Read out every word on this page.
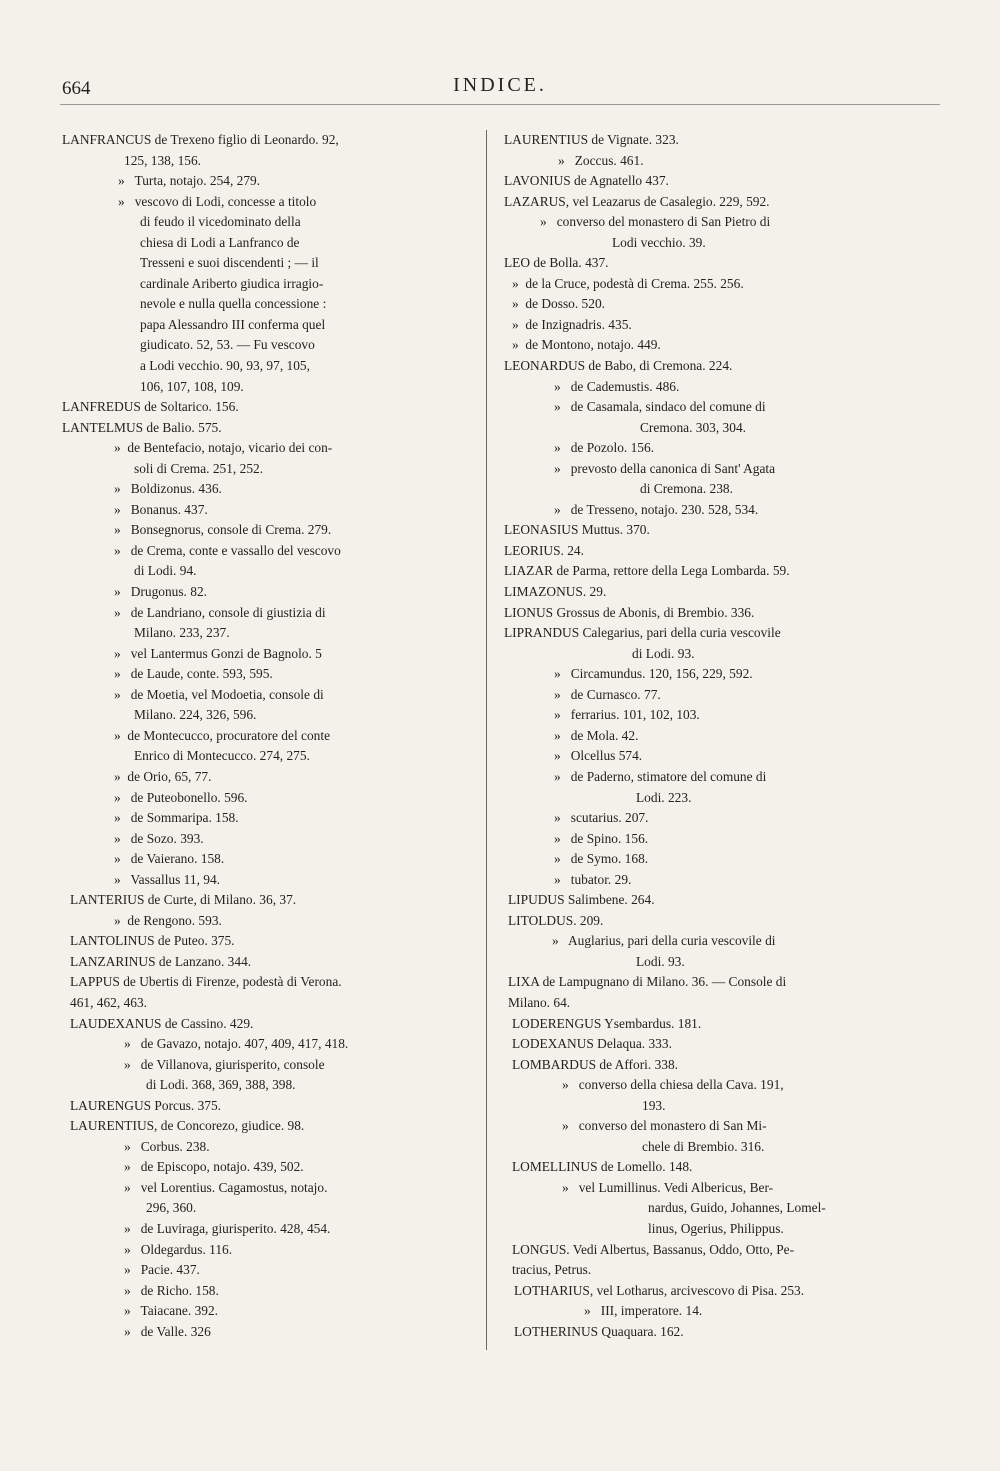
664	INDICE.
LANFRANCUS de Trexeno figlio di Leonardo. 92,
125, 138, 156.
»   Turta, notajo. 254, 279.
»   vescovo di Lodi, concesse a titolo
di feudo il vicedominato della
chiesa di Lodi a Lanfranco de
Tresseni e suoi discendenti ; — il
cardinale Ariberto giudica irragio-
nevole e nulla quella concessione :
papa Alessandro III conferma quel
giudicato. 52, 53. — Fu vescovo
a Lodi vecchio. 90, 93, 97, 105,
106, 107, 108, 109.
LANFREDUS de Soltarico. 156.
LANTELMUS de Balio. 575.
»  de Bentefacio, notajo, vicario dei con-
soli di Crema. 251, 252.
»   Boldizonus. 436.
»   Bonanus. 437.
»   Bonsegnorus, console di Crema. 279.
»   de Crema, conte e vassallo del vescovo
di Lodi. 94.
»   Drugonus. 82.
»   de Landriano, console di giustizia di
Milano. 233, 237.
»   vel Lantermus Gonzi de Bagnolo. 5
»   de Laude, conte. 593, 595.
»   de Moetia, vel Modoetia, console di
Milano. 224, 326, 596.
»  de Montecucco, procuratore del conte
Enrico di Montecucco. 274, 275.
»  de Orio, 65, 77.
»   de Puteobonello. 596.
»   de Sommaripa. 158.
»   de Sozo. 393.
»   de Vaierano. 158.
»   Vassallus 11, 94.
LANTERIUS de Curte, di Milano. 36, 37.
»  de Rengono. 593.
LANTOLINUS de Puteo. 375.
LANZARINUS de Lanzano. 344.
LAPPUS de Ubertis di Firenze, podestà di Verona.
461, 462, 463.
LAUDEXANUS de Cassino. 429.
»   de Gavazo, notajo. 407, 409, 417, 418.
»   de Villanova, giurisperito, console
di Lodi. 368, 369, 388, 398.
LAURENGUS Porcus. 375.
LAURENTIUS, de Concorezo, giudice. 98.
»   Corbus. 238.
»   de Episcopo, notajo. 439, 502.
»   vel Lorentius. Cagamostus, notajo.
296, 360.
»   de Luviraga, giurisperito. 428, 454.
»   Oldegardus. 116.
»   Pacie. 437.
»   de Richo. 158.
»   Taiacane. 392.
»   de Valle. 326
LAURENTIUS de Vignate. 323.
»   Zoccus. 461.
LAVONIUS de Agnatello 437.
LAZARUS, vel Leazarus de Casalegio. 229, 592.
»   converso del monastero di San Pietro di
Lodi vecchio. 39.
LEO de Bolla. 437.
»  de la Cruce, podestà di Crema. 255. 256.
»  de Dosso. 520.
»  de Inzignadris. 435.
»  de Montono, notajo. 449.
LEONARDUS de Babo, di Cremona. 224.
»   de Cademustis. 486.
»   de Casamala, sindaco del comune di
Cremona. 303, 304.
»   de Pozolo. 156.
»   prevosto della canonica di Sant' Agata
di Cremona. 238.
»   de Tresseno, notajo. 230. 528, 534.
LEONASIUS Muttus. 370.
LEORIUS. 24.
LIAZAR de Parma, rettore della Lega Lombarda. 59.
LIMAZONUS. 29.
LIONUS Grossus de Abonis, di Brembio. 336.
LIPRANDUS Calegarius, pari della curia vescovile
di Lodi. 93.
»   Circamundus. 120, 156, 229, 592.
»   de Curnasco. 77.
»   ferrarius. 101, 102, 103.
»   de Mola. 42.
»   Olcellus 574.
»   de Paderno, stimatore del comune di
Lodi. 223.
»   scutarius. 207.
»   de Spino. 156.
»   de Symo. 168.
»   tubator. 29.
LIPUDUS Salimbene. 264.
LITOLDUS. 209.
»   Auglarius, pari della curia vescovile di
Lodi. 93.
LIXA de Lampugnano di Milano. 36. — Console di
Milano. 64.
LODERENGUS Ysembardus. 181.
LODEXANUS Delaqua. 333.
LOMBARDUS de Affori. 338.
»   converso della chiesa della Cava. 191,
193.
»   converso del monastero di San Mi-
chele di Brembio. 316.
LOMELLINUS de Lomello. 148.
»   vel Lumillinus. Vedi Albericus, Ber-
nardus, Guido, Johannes, Lomel-
linus, Ogerius, Philippus.
LONGUS. Vedi Albertus, Bassanus, Oddo, Otto, Pe-
tracius, Petrus.
LOTHARIUS, vel Lotharus, arcivescovo di Pisa. 253.
»   III, imperatore. 14.
LOTHERINUS Quaquara. 162.
